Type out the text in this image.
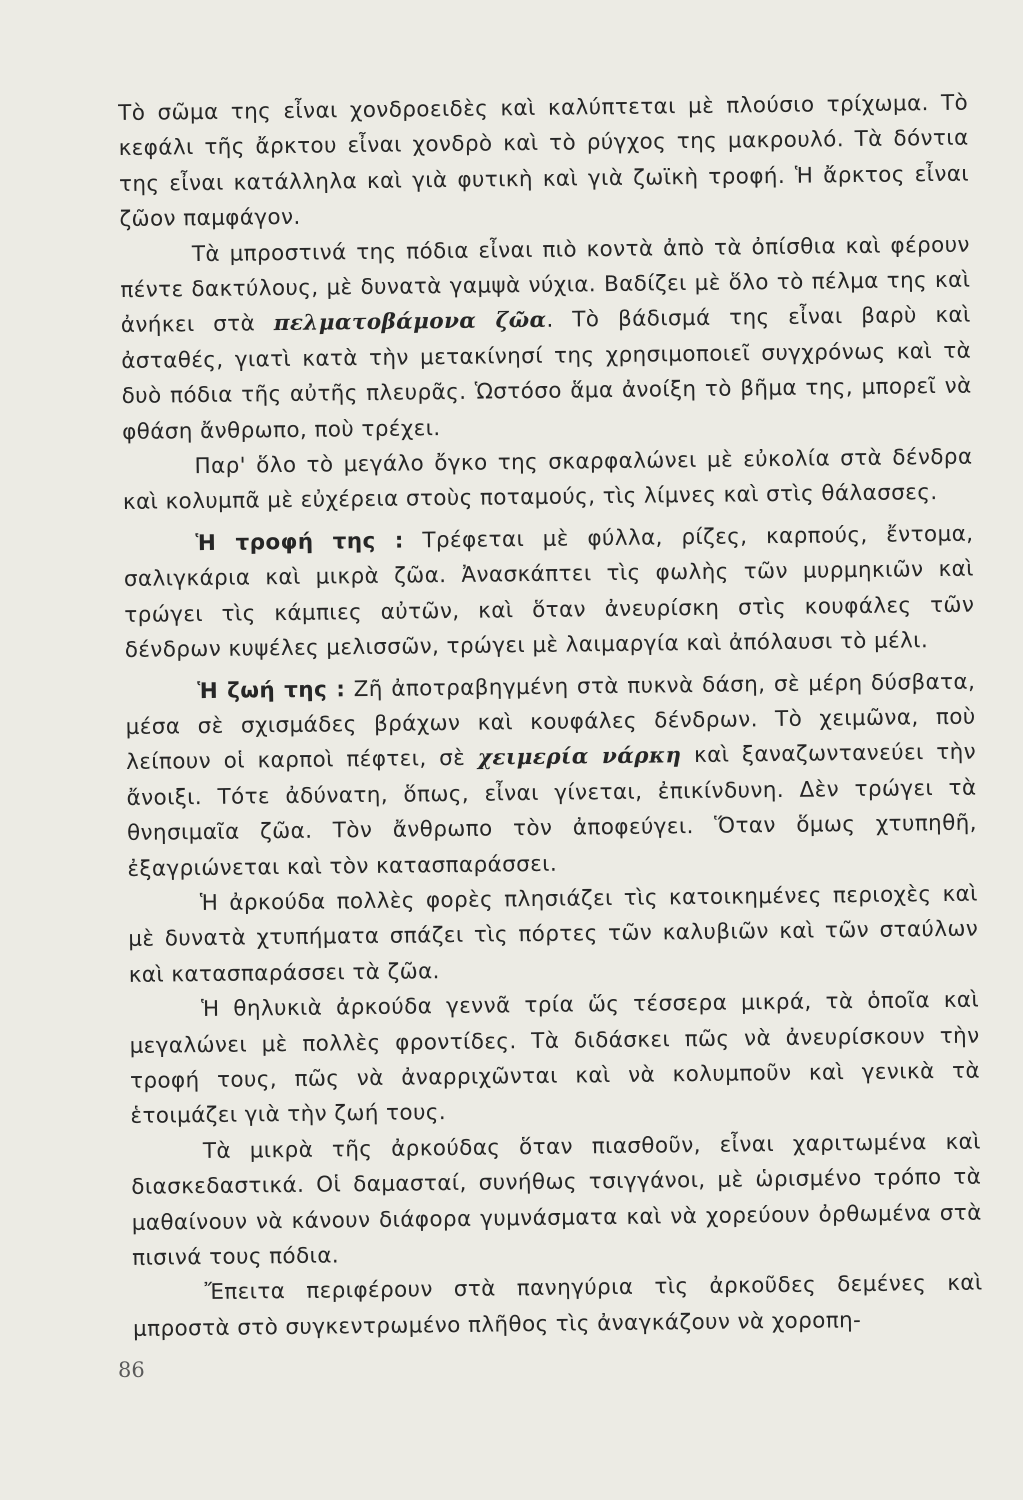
Τὸ σῶμα της εἶναι χονδροειδὲς καὶ καλύπτεται μὲ πλούσιο τρίχωμα. Τὸ κεφάλι τῆς ἄρκτου εἶναι χονδρὸ καὶ τὸ ρύγχος της μακρουλό. Τὰ δόντια της εἶναι κατάλληλα καὶ γιὰ φυτικὴ καὶ γιὰ ζωϊκὴ τροφή. Ἡ ἄρκτος εἶναι ζῶον παμφάγον.

Τὰ μπροστινά της πόδια εἶναι πιὸ κοντὰ ἀπὸ τὰ ὀπίσθια καὶ φέρουν πέντε δακτύλους, μὲ δυνατὰ γαμψὰ νύχια. Βαδίζει μὲ ὅλο τὸ πέλμα της καὶ ἀνήκει στὰ πελματοβάμονα ζῶα. Τὸ βάδισμά της εἶναι βαρὺ καὶ ἀσταθές, γιατὶ κατὰ τὴν μετακίνησί της χρησιμοποιεῖ συγχρόνως καὶ τὰ δυὸ πόδια τῆς αὐτῆς πλευρᾶς. Ὡστόσο ἅμα ἀνοίξη τὸ βῆμα της, μπορεῖ νὰ φθάση ἄνθρωπο, ποὺ τρέχει.

Παρ' ὅλο τὸ μεγάλο ὄγκο της σκαρφαλώνει μὲ εὐκολία στὰ δένδρα καὶ κολυμπᾶ μὲ εὐχέρεια στοὺς ποταμούς, τὶς λίμνες καὶ στὶς θάλασσες.

Ἡ τροφή της : Τρέφεται μὲ φύλλα, ρίζες, καρπούς, ἔντομα, σαλιγκάρια καὶ μικρὰ ζῶα. Ἀνασκάπτει τὶς φωλὴς τῶν μυρμηκιῶν καὶ τρώγει τὶς κάμπιες αὐτῶν, καὶ ὅταν ἀνευρίσκη στὶς κουφάλες τῶν δένδρων κυψέλες μελισσῶν, τρώγει μὲ λαιμαργία καὶ ἀπόλαυσι τὸ μέλι.

Ἡ ζωή της : Ζῆ ἀποτραβηγμένη στὰ πυκνὰ δάση, σὲ μέρη δύσβατα, μέσα σὲ σχισμάδες βράχων καὶ κουφάλες δένδρων. Τὸ χειμῶνα, ποὺ λείπουν οἱ καρποὶ πέφτει, σὲ χειμερία νάρκη καὶ ξαναζωντανεύει τὴν ἄνοιξι. Τότε ἀδύνατη, ὅπως, εἶναι γίνεται, ἐπικίνδυνη. Δὲν τρώγει τὰ θνησιμαῖα ζῶα. Τὸν ἄνθρωπο τὸν ἀποφεύγει. Ὅταν ὅμως χτυπηθῆ, ἐξαγριώνεται καὶ τὸν κατασπαράσσει.

Ἡ ἀρκούδα πολλὲς φορὲς πλησιάζει τὶς κατοικημένες περιοχὲς καὶ μὲ δυνατὰ χτυπήματα σπάζει τὶς πόρτες τῶν καλυβιῶν καὶ τῶν σταύλων καὶ κατασπαράσσει τὰ ζῶα.

Ἡ θηλυκιὰ ἀρκούδα γεννᾶ τρία ὥς τέσσερα μικρά, τὰ ὁποῖα καὶ μεγαλώνει μὲ πολλὲς φροντίδες. Τὰ διδάσκει πῶς νὰ ἀνευρίσκουν τὴν τροφή τους, πῶς νὰ ἀναρριχῶνται καὶ νὰ κολυμποῦν καὶ γενικὰ τὰ ἑτοιμάζει γιὰ τὴν ζωή τους.

Τὰ μικρὰ τῆς ἀρκούδας ὅταν πιασθοῦν, εἶναι χαριτωμένα καὶ διασκεδαστικά. Οἱ δαμασταί, συνήθως τσιγγάνοι, μὲ ὡρισμένο τρόπο τὰ μαθαίνουν νὰ κάνουν διάφορα γυμνάσματα καὶ νὰ χορεύουν ὀρθωμένα στὰ πισινά τους πόδια.

Ἔπειτα περιφέρουν στὰ πανηγύρια τὶς ἀρκοῦδες δεμένες καὶ μπροστὰ στὸ συγκεντρωμένο πλῆθος τὶς ἀναγκάζουν νὰ χοροπη-

86
